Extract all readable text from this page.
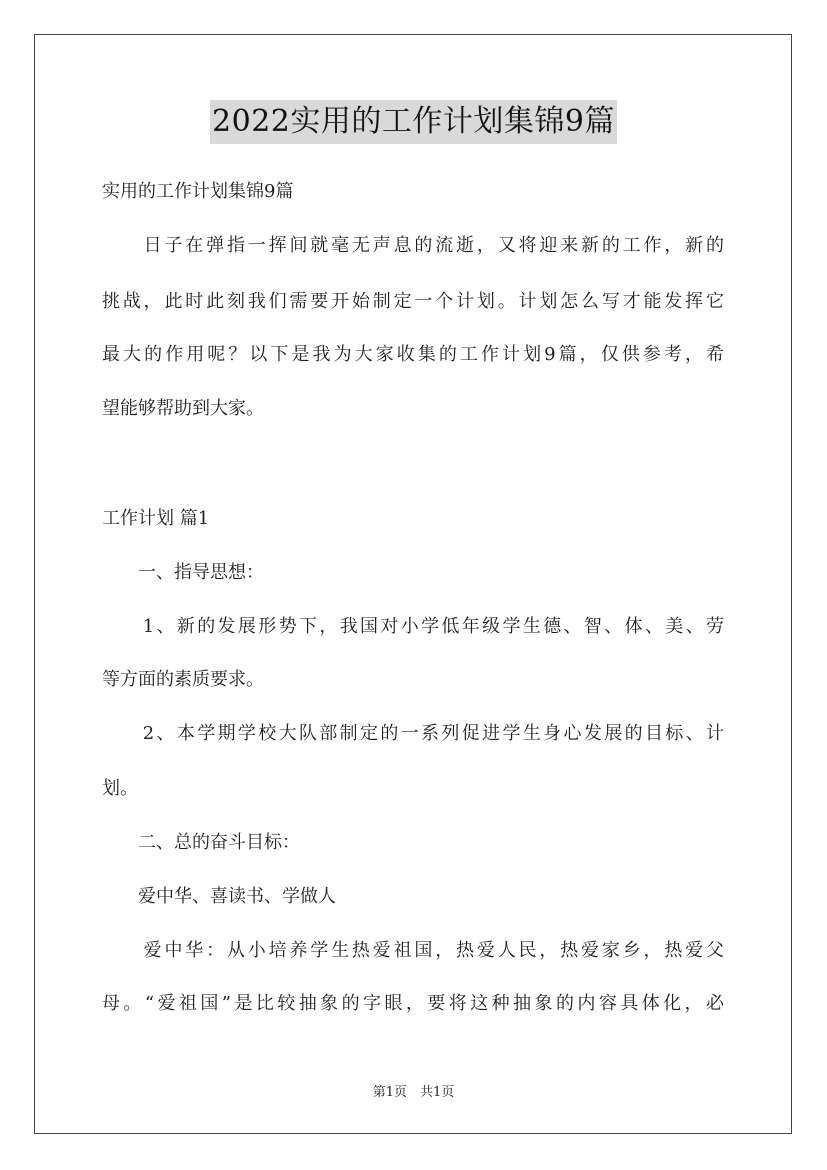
2022实用的工作计划集锦9篇
实用的工作计划集锦9篇
　　日子在弹指一挥间就毫无声息的流逝，又将迎来新的工作，新的
挑战，此时此刻我们需要开始制定一个计划。计划怎么写才能发挥它
最大的作用呢？以下是我为大家收集的工作计划9篇，仅供参考，希
望能够帮助到大家。
工作计划 篇1
　　一、指导思想：
　　1、新的发展形势下，我国对小学低年级学生德、智、体、美、劳
等方面的素质要求。
　　2、本学期学校大队部制定的一系列促进学生身心发展的目标、计
划。
　　二、总的奋斗目标：
　　爱中华、喜读书、学做人
　　爱中华：从小培养学生热爱祖国，热爱人民，热爱家乡，热爱父
母。“爱祖国”是比较抽象的字眼，要将这种抽象的内容具体化，必
第1页　共1页
